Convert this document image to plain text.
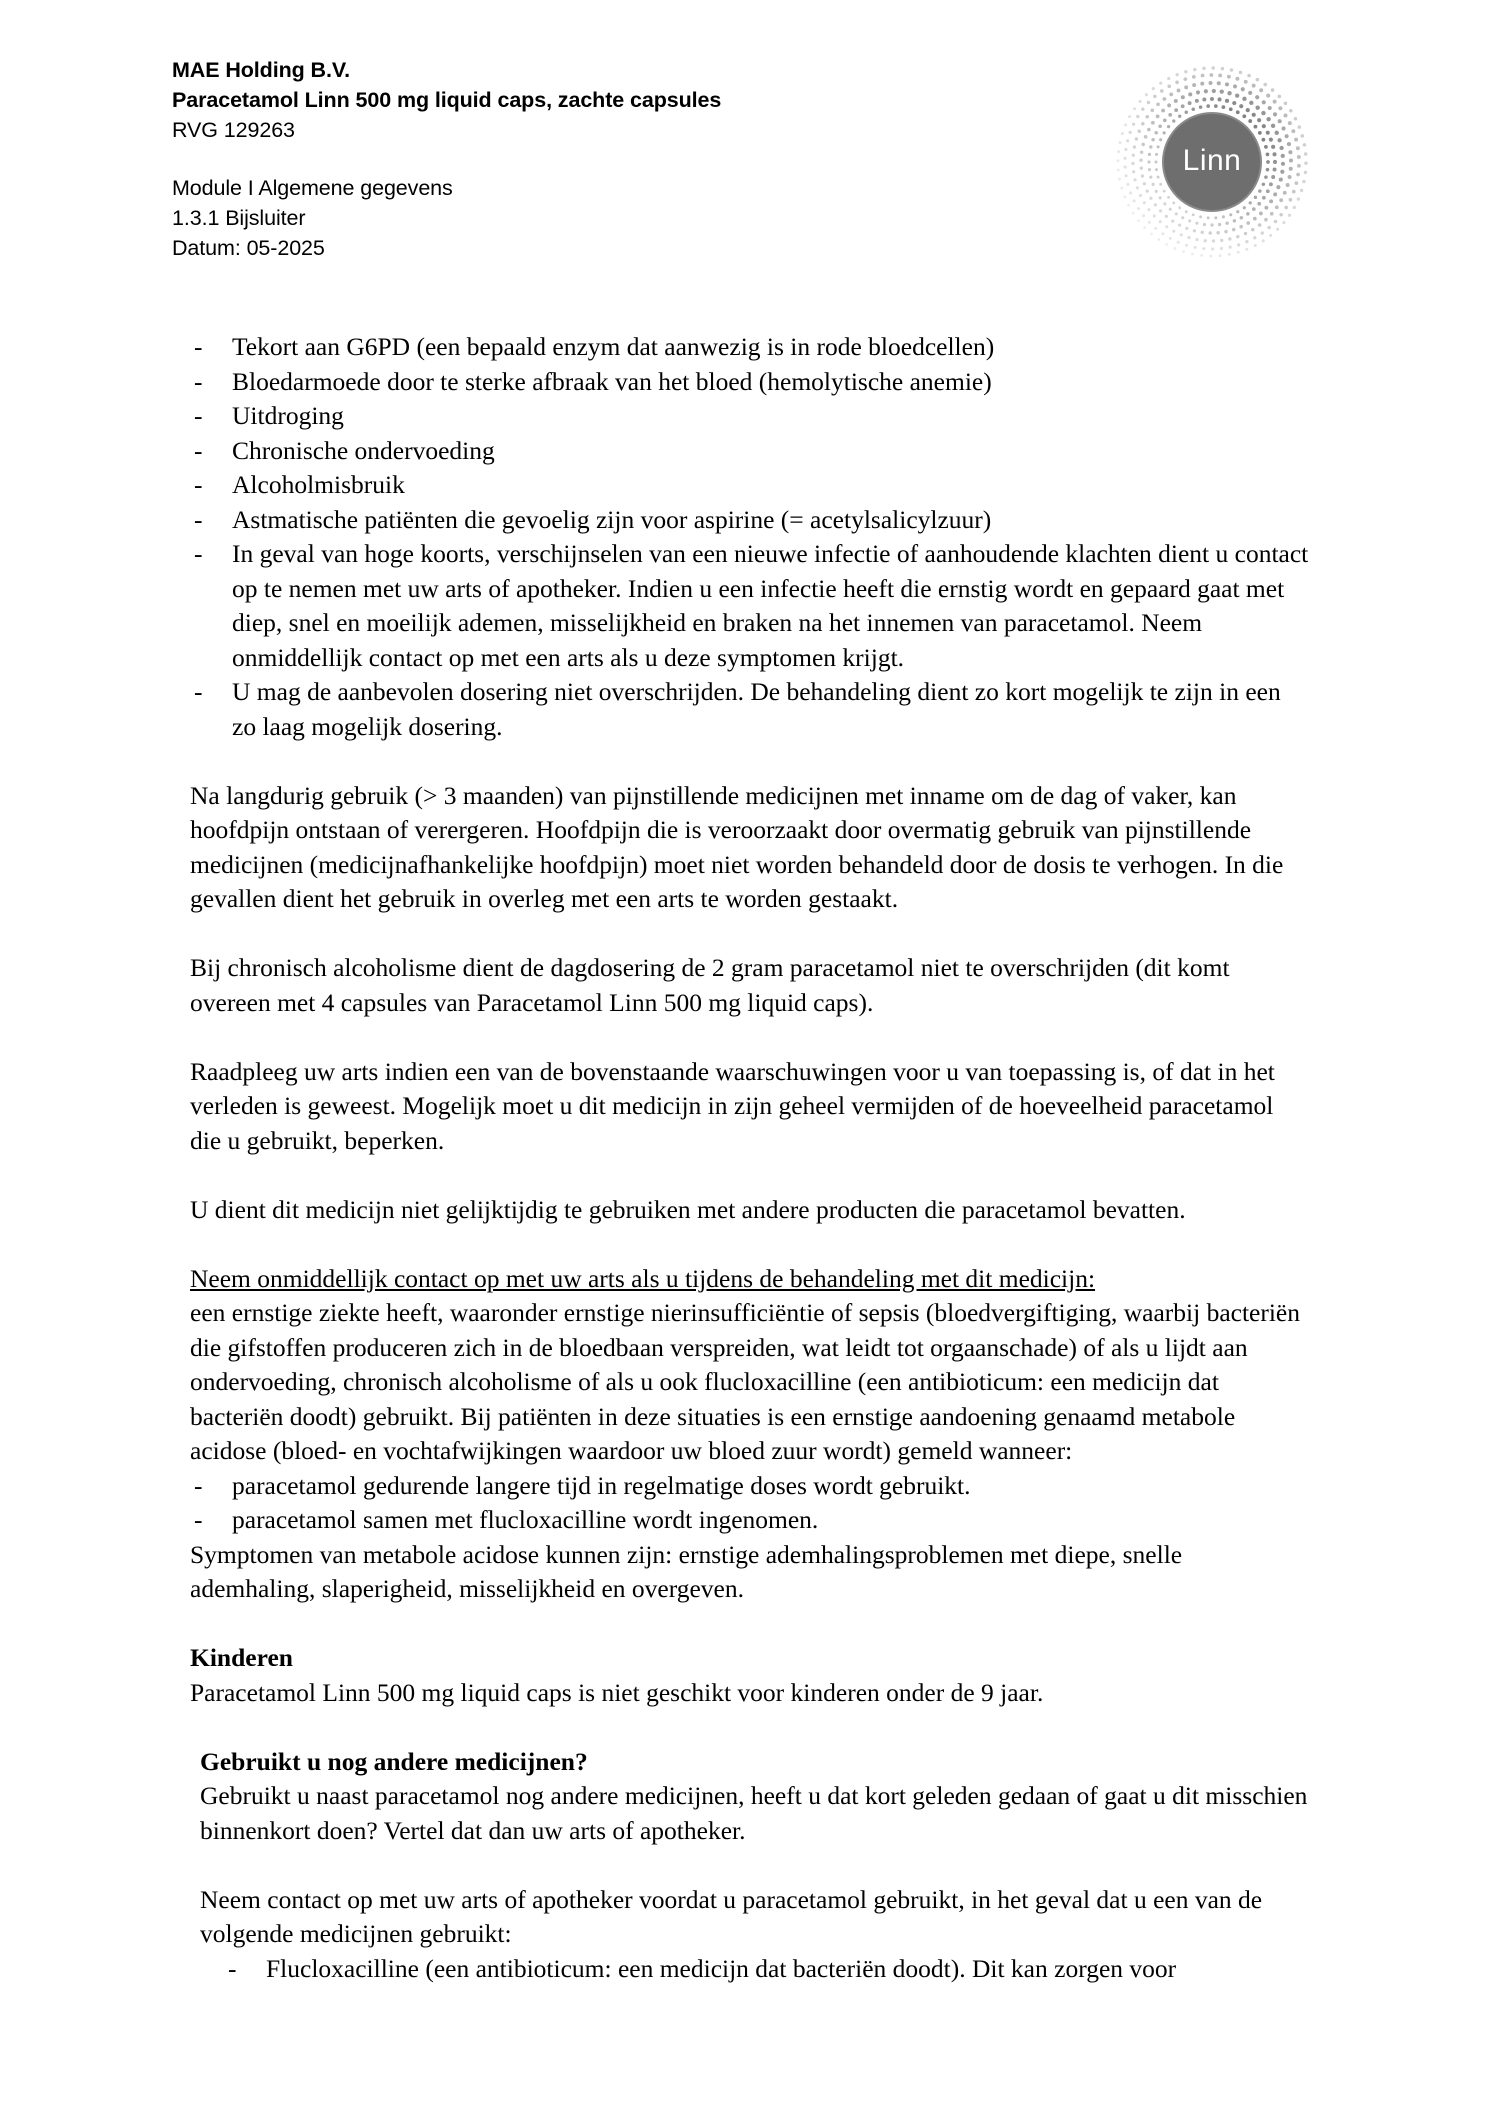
MAE Holding B.V.
Paracetamol Linn 500 mg liquid caps, zachte capsules
RVG 129263
Module I Algemene gegevens
1.3.1 Bijsluiter
Datum: 05-2025
Linn
- Tekort aan G6PD (een bepaald enzym dat aanwezig is in rode bloedcellen)
- Bloedarmoede door te sterke afbraak van het bloed (hemolytische anemie)
- Uitdroging
- Chronische ondervoeding
- Alcoholmisbruik
- Astmatische patiënten die gevoelig zijn voor aspirine (= acetylsalicylzuur)
- In geval van hoge koorts, verschijnselen van een nieuwe infectie of aanhoudende klachten dient u contact op te nemen met uw arts of apotheker. Indien u een infectie heeft die ernstig wordt en gepaard gaat met diep, snel en moeilijk ademen, misselijkheid en braken na het innemen van paracetamol. Neem onmiddellijk contact op met een arts als u deze symptomen krijgt.
- U mag de aanbevolen dosering niet overschrijden. De behandeling dient zo kort mogelijk te zijn in een zo laag mogelijk dosering.

Na langdurig gebruik (> 3 maanden) van pijnstillende medicijnen met inname om de dag of vaker, kan hoofdpijn ontstaan of verergeren. Hoofdpijn die is veroorzaakt door overmatig gebruik van pijnstillende medicijnen (medicijnafhankelijke hoofdpijn) moet niet worden behandeld door de dosis te verhogen. In die gevallen dient het gebruik in overleg met een arts te worden gestaakt.

Bij chronisch alcoholisme dient de dagdosering de 2 gram paracetamol niet te overschrijden (dit komt overeen met 4 capsules van Paracetamol Linn 500 mg liquid caps).

Raadpleeg uw arts indien een van de bovenstaande waarschuwingen voor u van toepassing is, of dat in het verleden is geweest. Mogelijk moet u dit medicijn in zijn geheel vermijden of de hoeveelheid paracetamol die u gebruikt, beperken.

U dient dit medicijn niet gelijktijdig te gebruiken met andere producten die paracetamol bevatten.

Neem onmiddellijk contact op met uw arts als u tijdens de behandeling met dit medicijn:

een ernstige ziekte heeft, waaronder ernstige nierinsufficiëntie of sepsis (bloedvergiftiging, waarbij bacteriën die gifstoffen produceren zich in de bloedbaan verspreiden, wat leidt tot orgaanschade) of als u lijdt aan ondervoeding, chronisch alcoholisme of als u ook flucloxacilline (een antibioticum: een medicijn dat bacteriën doodt) gebruikt. Bij patiënten in deze situaties is een ernstige aandoening genaamd metabole acidose (bloed- en vochtafwijkingen waardoor uw bloed zuur wordt) gemeld wanneer:

- paracetamol gedurende langere tijd in regelmatige doses wordt gebruikt.
- paracetamol samen met flucloxacilline wordt ingenomen.

Symptomen van metabole acidose kunnen zijn: ernstige ademhalingsproblemen met diepe, snelle ademhaling, slaperigheid, misselijkheid en overgeven.

Kinderen

Paracetamol Linn 500 mg liquid caps is niet geschikt voor kinderen onder de 9 jaar.

Gebruikt u nog andere medicijnen?

Gebruikt u naast paracetamol nog andere medicijnen, heeft u dat kort geleden gedaan of gaat u dit misschien binnenkort doen? Vertel dat dan uw arts of apotheker.

Neem contact op met uw arts of apotheker voordat u paracetamol gebruikt, in het geval dat u een van de volgende medicijnen gebruikt:

- Flucloxacilline (een antibioticum: een medicijn dat bacteriën doodt). Dit kan zorgen voor
